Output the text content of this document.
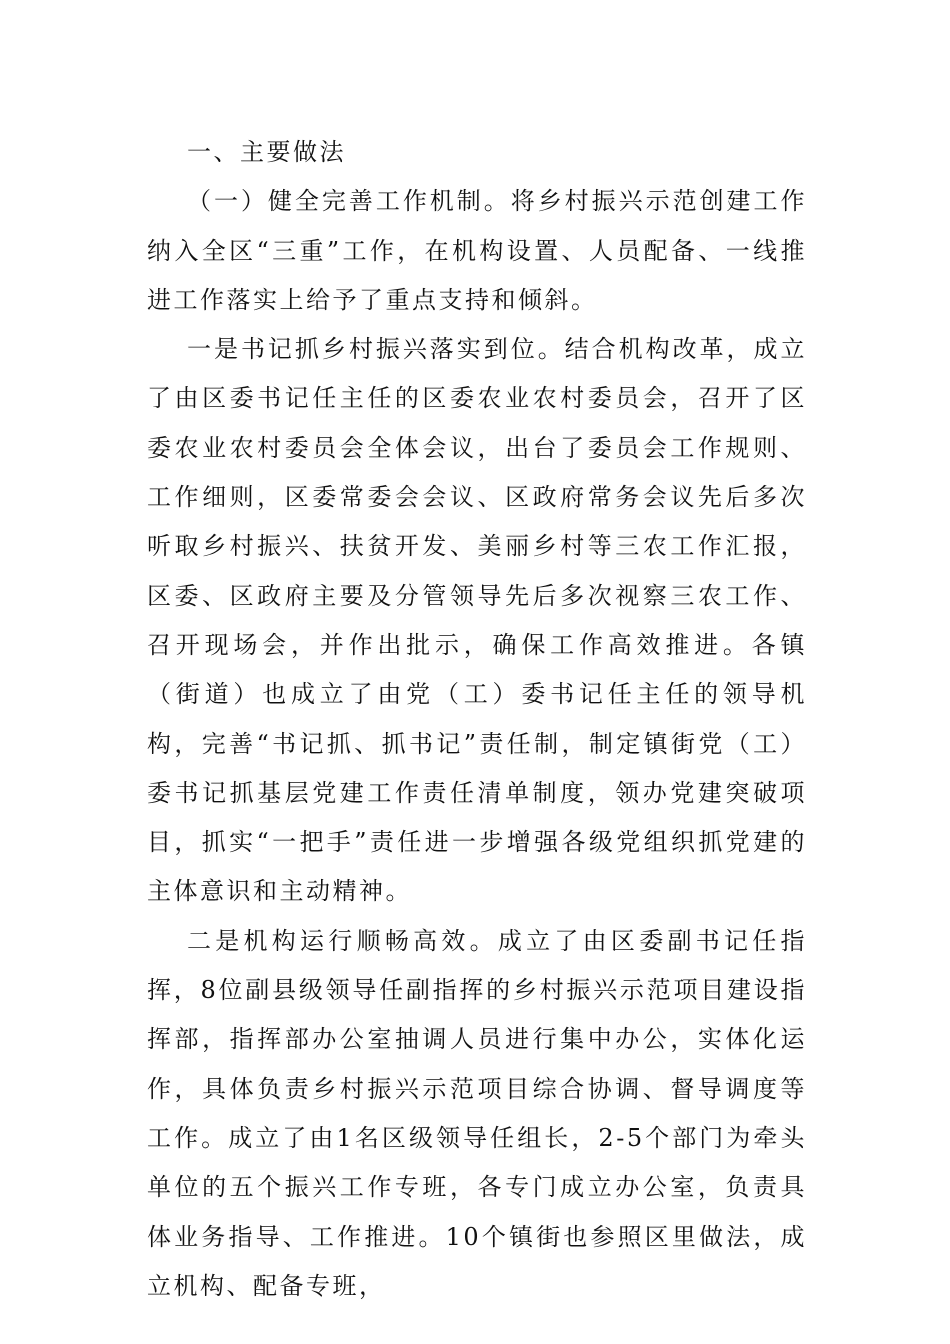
一、主要做法

（一）健全完善工作机制。将乡村振兴示范创建工作纳入全区“三重”工作，在机构设置、人员配备、一线推进工作落实上给予了重点支持和倾斜。

一是书记抓乡村振兴落实到位。结合机构改革，成立了由区委书记任主任的区委农业农村委员会，召开了区委农业农村委员会全体会议，出台了委员会工作规则、工作细则，区委常委会会议、区政府常务会议先后多次听取乡村振兴、扶贫开发、美丽乡村等三农工作汇报，区委、区政府主要及分管领导先后多次视察三农工作、召开现场会，并作出批示，确保工作高效推进。各镇（街道）也成立了由党（工）委书记任主任的领导机构，完善“书记抓、抓书记”责任制，制定镇街党（工）委书记抓基层党建工作责任清单制度，领办党建突破项目，抓实“一把手”责任进一步增强各级党组织抓党建的主体意识和主动精神。

二是机构运行顺畅高效。成立了由区委副书记任指挥，8位副县级领导任副指挥的乡村振兴示范项目建设指挥部，指挥部办公室抽调人员进行集中办公，实体化运作，具体负责乡村振兴示范项目综合协调、督导调度等工作。成立了由1名区级领导任组长，2-5个部门为牵头单位的五个振兴工作专班，各专门成立办公室，负责具体业务指导、工作推进。10个镇街也参照区里做法，成立机构、配备专班，
